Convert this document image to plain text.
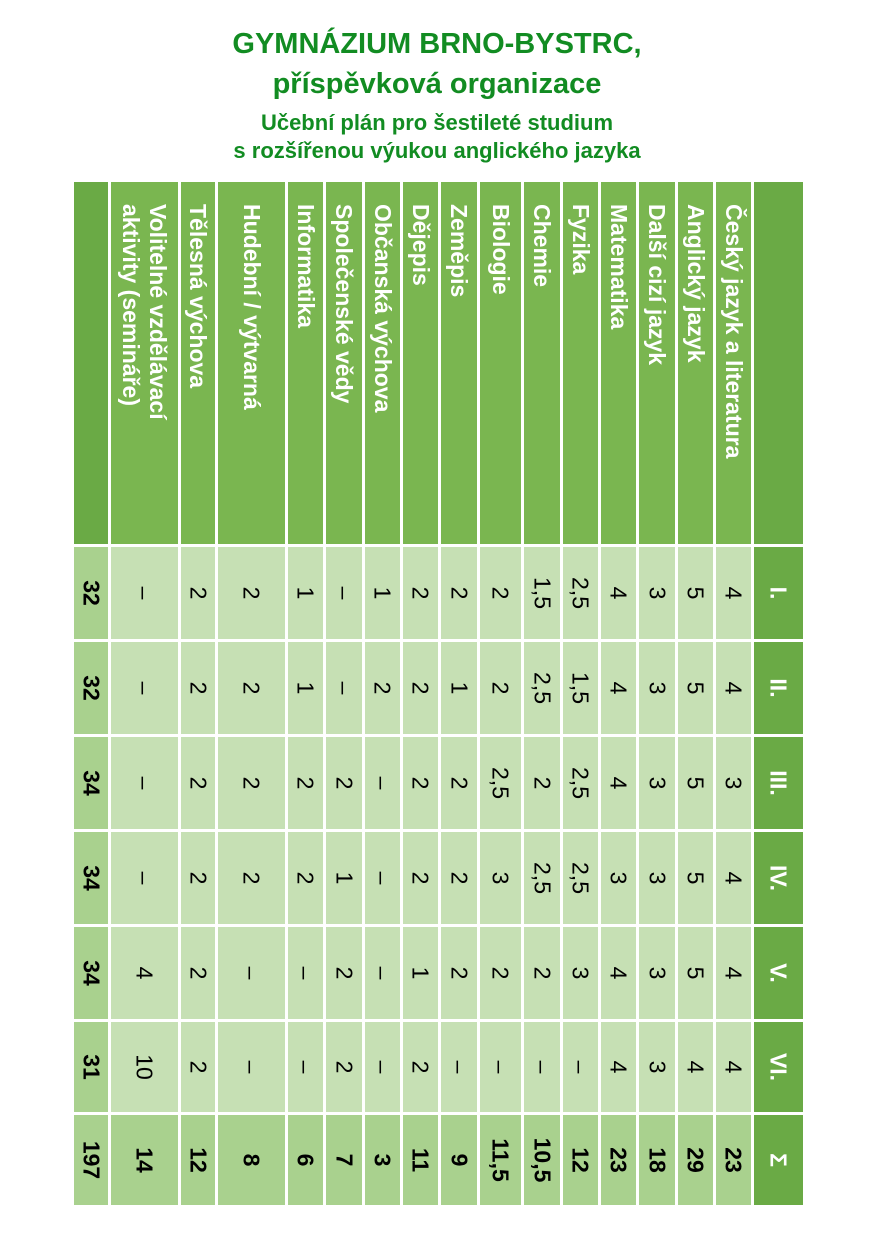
GYMNÁZIUM BRNO-BYSTRC,
příspěvková organizace
Učební plán pro šestileté studium
s rozšířenou výukou anglického jazyka
I.
II.
III.
IV.
V.
VI.
Σ
Český jazyk a literatura
4
4
3
4
4
4
23
Anglický jazyk
5
5
5
5
5
4
29
Další cizí jazyk
3
3
3
3
3
3
18
Matematika
4
4
4
3
4
4
23
Fyzika
2,5
1,5
2,5
2,5
3
–
12
Chemie
1,5
2,5
2
2,5
2
–
10,5
Biologie
2
2
2,5
3
2
–
11,5
Zeměpis
2
1
2
2
2
–
9
Dějepis
2
2
2
2
1
2
11
Občanská výchova
1
2
–
–
–
–
3
Společenské vědy
–
–
2
1
2
2
7
Informatika
1
1
2
2
–
–
6
Hudební / výtvarná
2
2
2
2
–
–
8
Tělesná výchova
2
2
2
2
2
2
12
Volitelné vzdělávací
aktivity (semináře)
–
–
–
–
4
10
14
32
32
34
34
34
31
197
